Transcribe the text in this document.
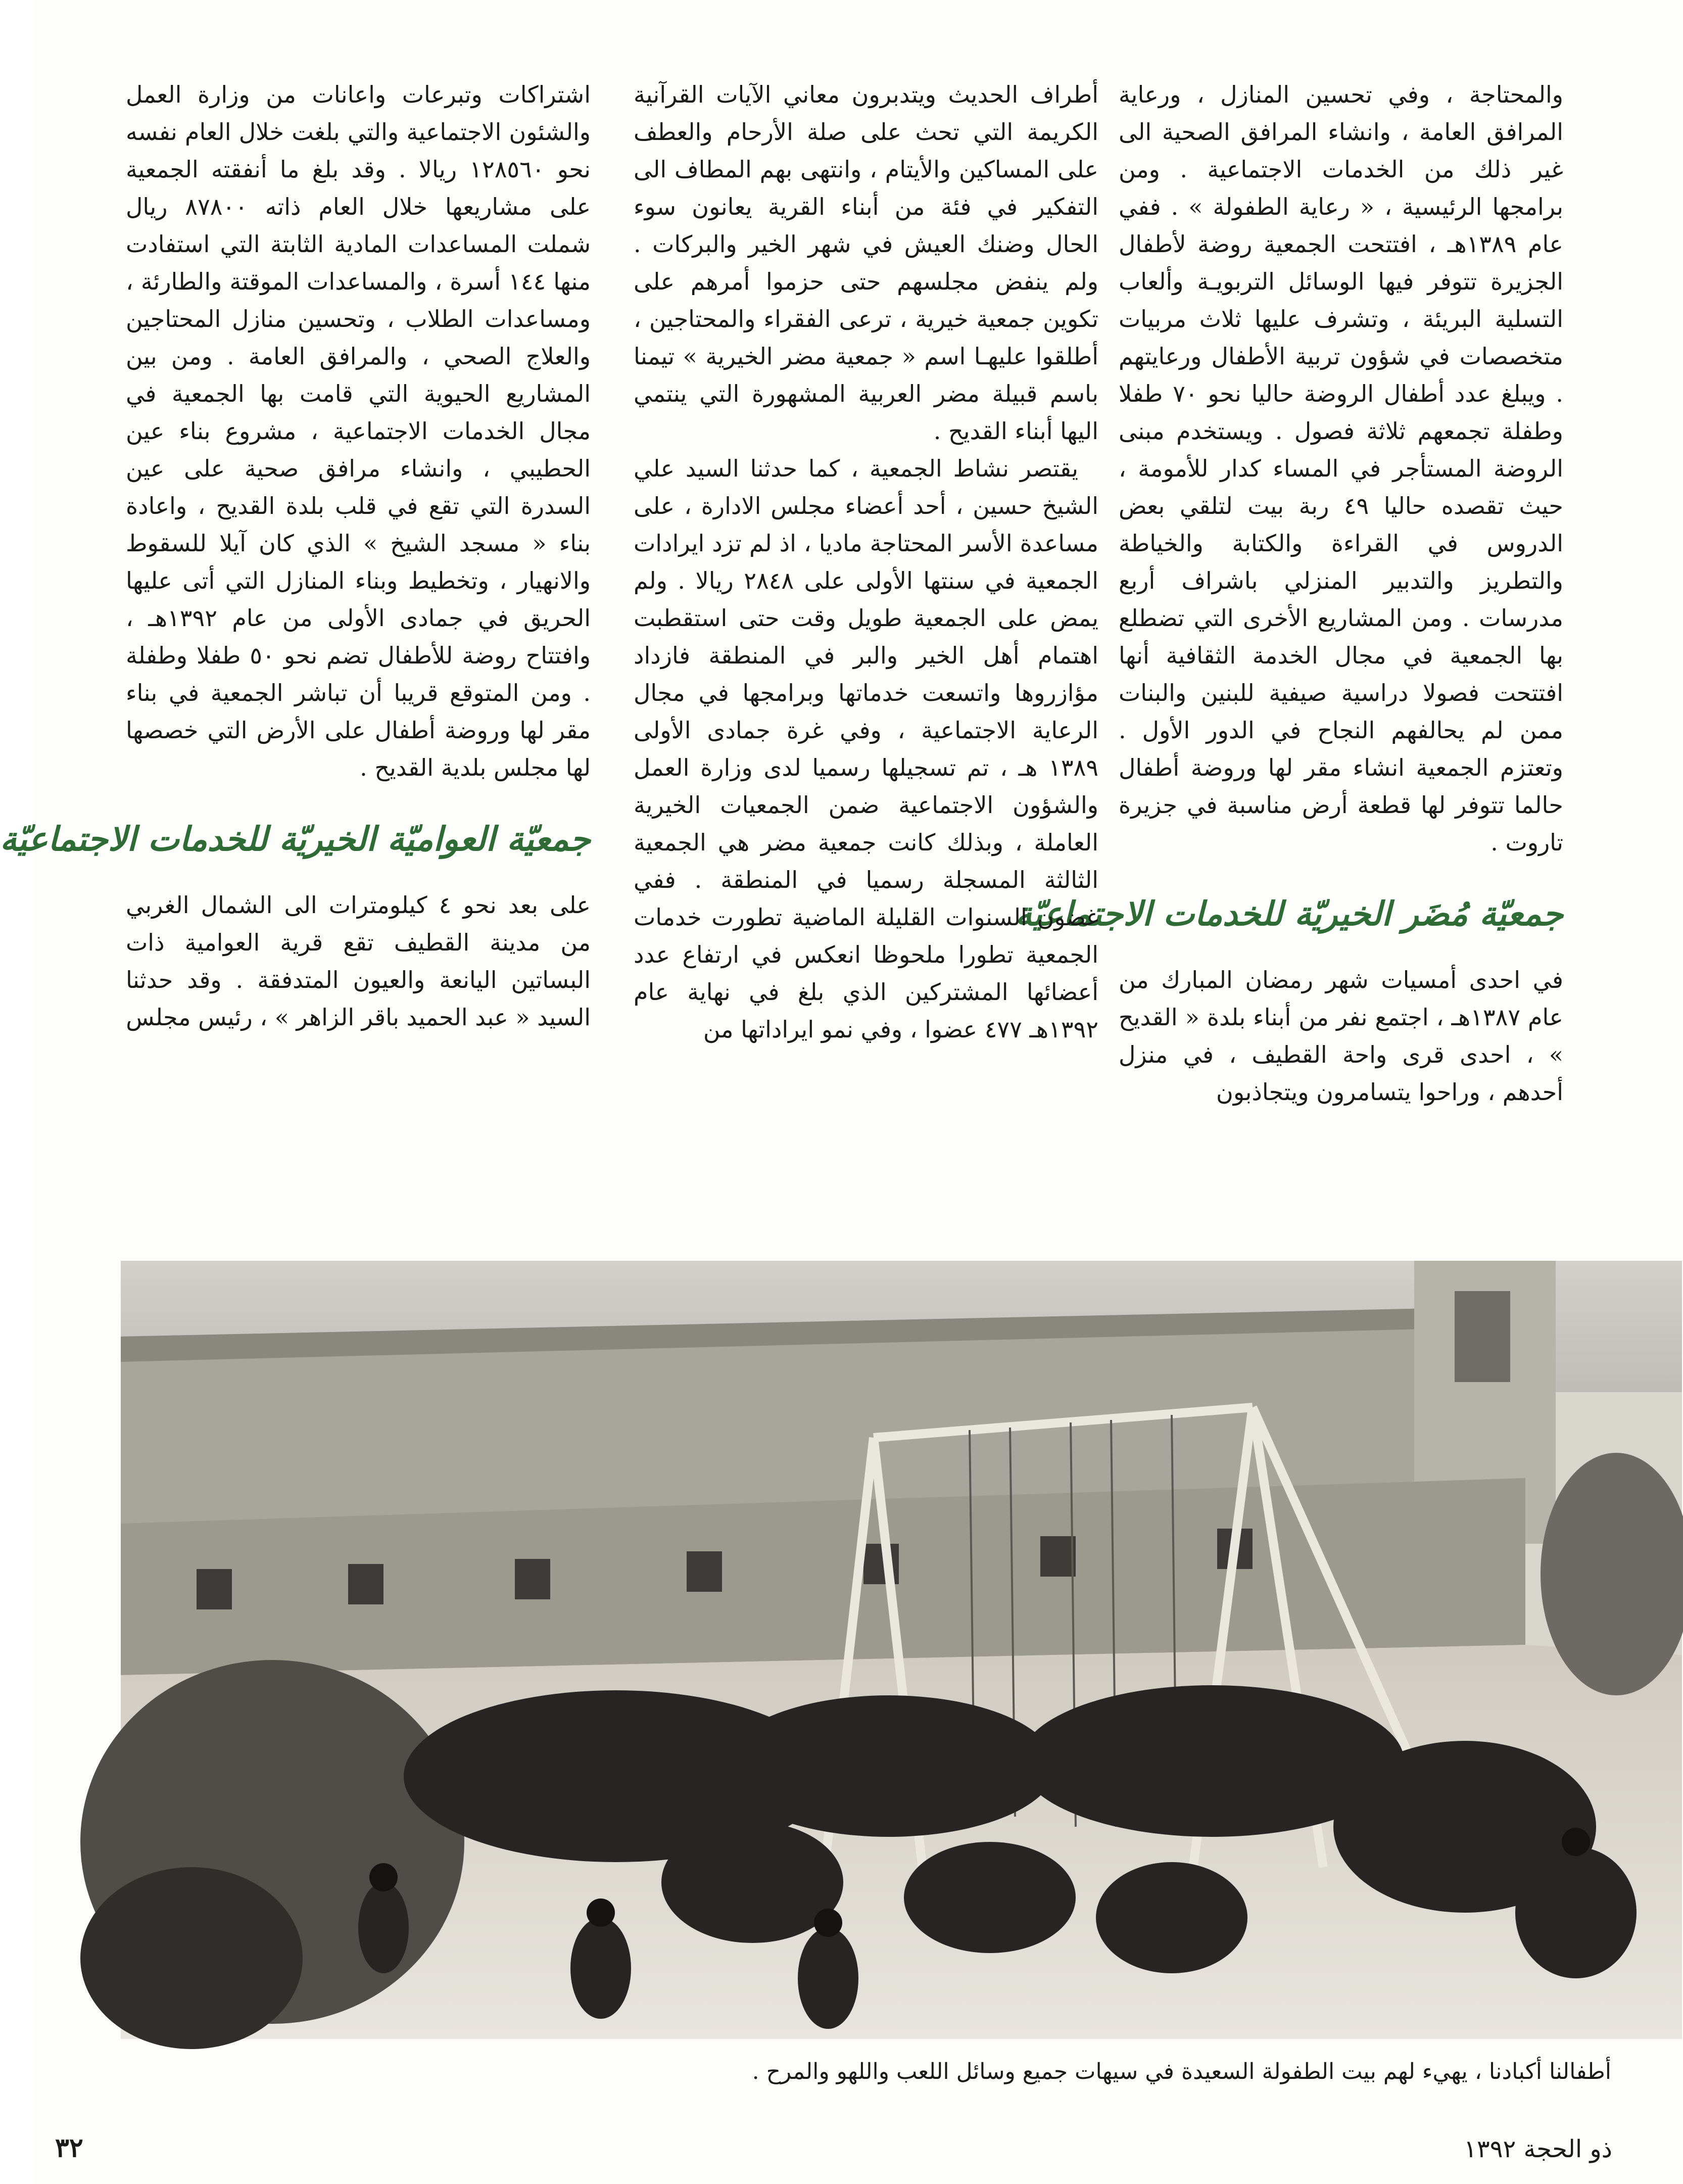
والمحتاجة ، وفي تحسين المنازل ، ورعاية المرافق العامة ، وانشاء المرافق الصحية الى غير ذلك من الخدمات الاجتماعية . ومن برامجها الرئيسية ، « رعاية الطفولة » . ففي عام ١٣٨٩هـ ، افتتحت الجمعية روضة لأطفال الجزيرة تتوفر فيها الوسائل التربويـة وألعاب التسلية البريئة ، وتشرف عليها ثلاث مربيات متخصصات في شؤون تربية الأطفال ورعايتهم . ويبلغ عدد أطفال الروضة حاليا نحو ٧٠ طفلا وطفلة تجمعهم ثلاثة فصول . ويستخدم مبنى الروضة المستأجر في المساء كدار للأمومة ، حيث تقصده حاليا ٤٩ ربة بيت لتلقي بعض الدروس في القراءة والكتابة والخياطة والتطريز والتدبير المنزلي باشراف أربع مدرسات . ومن المشاريع الأخرى التي تضطلع بها الجمعية في مجال الخدمة الثقافية أنها افتتحت فصولا دراسية صيفية للبنين والبنات ممن لم يحالفهم النجاح في الدور الأول . وتعتزم الجمعية انشاء مقر لها وروضة أطفال حالما تتوفر لها قطعة أرض مناسبة في جزيرة تاروت .

جمعيّة مُضَر الخيريّة للخدمات الاجتماعيّة

في احدى أمسيات شهر رمضان المبارك من عام ١٣٨٧هـ ، اجتمع نفر من أبناء بلدة « القديح » ، احدى قرى واحة القطيف ، في منزل أحدهم ، وراحوا يتسامرون ويتجاذبون

أطراف الحديث ويتدبرون معاني الآيات القرآنية الكريمة التي تحث على صلة الأرحام والعطف على المساكين والأيتام ، وانتهى بهم المطاف الى التفكير في فئة من أبناء القرية يعانون سوء الحال وضنك العيش في شهر الخير والبركات . ولم ينفض مجلسهم حتى حزموا أمرهم على تكوين جمعية خيرية ، ترعى الفقراء والمحتاجين ، أطلقوا عليهـا اسم « جمعية مضر الخيرية » تيمنا باسم قبيلة مضر العربية المشهورة التي ينتمي اليها أبناء القديح .

يقتصر نشاط الجمعية ، كما حدثنا السيد علي الشيخ حسين ، أحد أعضاء مجلس الادارة ، على مساعدة الأسر المحتاجة ماديا ، اذ لم تزد ايرادات الجمعية في سنتها الأولى على ٢٨٤٨ ريالا . ولم يمض على الجمعية طويل وقت حتى استقطبت اهتمام أهل الخير والبر في المنطقة فازداد مؤازروها واتسعت خدماتها وبرامجها في مجال الرعاية الاجتماعية ، وفي غرة جمادى الأولى ١٣٨٩ هـ ، تم تسجيلها رسميا لدى وزارة العمل والشؤون الاجتماعية ضمن الجمعيات الخيرية العاملة ، وبذلك كانت جمعية مضر هي الجمعية الثالثة المسجلة رسميا في المنطقة . ففي غضون السنوات القليلة الماضية تطورت خدمات الجمعية تطورا ملحوظا انعكس في ارتفاع عدد أعضائها المشتركين الذي بلغ في نهاية عام ١٣٩٢هـ ٤٧٧ عضوا ، وفي نمو ايراداتها من

اشتراكات وتبرعات واعانات من وزارة العمل والشئون الاجتماعية والتي بلغت خلال العام نفسه نحو ١٢٨٥٦٠ ريالا . وقد بلغ ما أنفقته الجمعية على مشاريعها خلال العام ذاته ٨٧٨٠٠ ريال شملت المساعدات المادية الثابتة التي استفادت منها ١٤٤ أسرة ، والمساعدات الموقتة والطارئة ، ومساعدات الطلاب ، وتحسين منازل المحتاجين والعلاج الصحي ، والمرافق العامة . ومن بين المشاريع الحيوية التي قامت بها الجمعية في مجال الخدمات الاجتماعية ، مشروع بناء عين الحطيبي ، وانشاء مرافق صحية على عين السدرة التي تقع في قلب بلدة القديح ، واعادة بناء « مسجد الشيخ » الذي كان آيلا للسقوط والانهيار ، وتخطيط وبناء المنازل التي أتى عليها الحريق في جمادى الأولى من عام ١٣٩٢هـ ، وافتتاح روضة للأطفال تضم نحو ٥٠ طفلا وطفلة . ومن المتوقع قريبا أن تباشر الجمعية في بناء مقر لها وروضة أطفال على الأرض التي خصصها لها مجلس بلدية القديح .

جمعيّة العواميّة الخيريّة للخدمات الاجتماعيّة

على بعد نحو ٤ كيلومترات الى الشمال الغربي من مدينة القطيف تقع قرية العوامية ذات البساتين اليانعة والعيون المتدفقة . وقد حدثنا السيد « عبد الحميد باقر الزاهر » ، رئيس مجلس

أطفالنا أكبادنا ، يهيء لهم بيت الطفولة السعيدة في سيهات جميع وسائل اللعب واللهو والمرح .
ذو الحجة ١٣٩٢
٣٢
